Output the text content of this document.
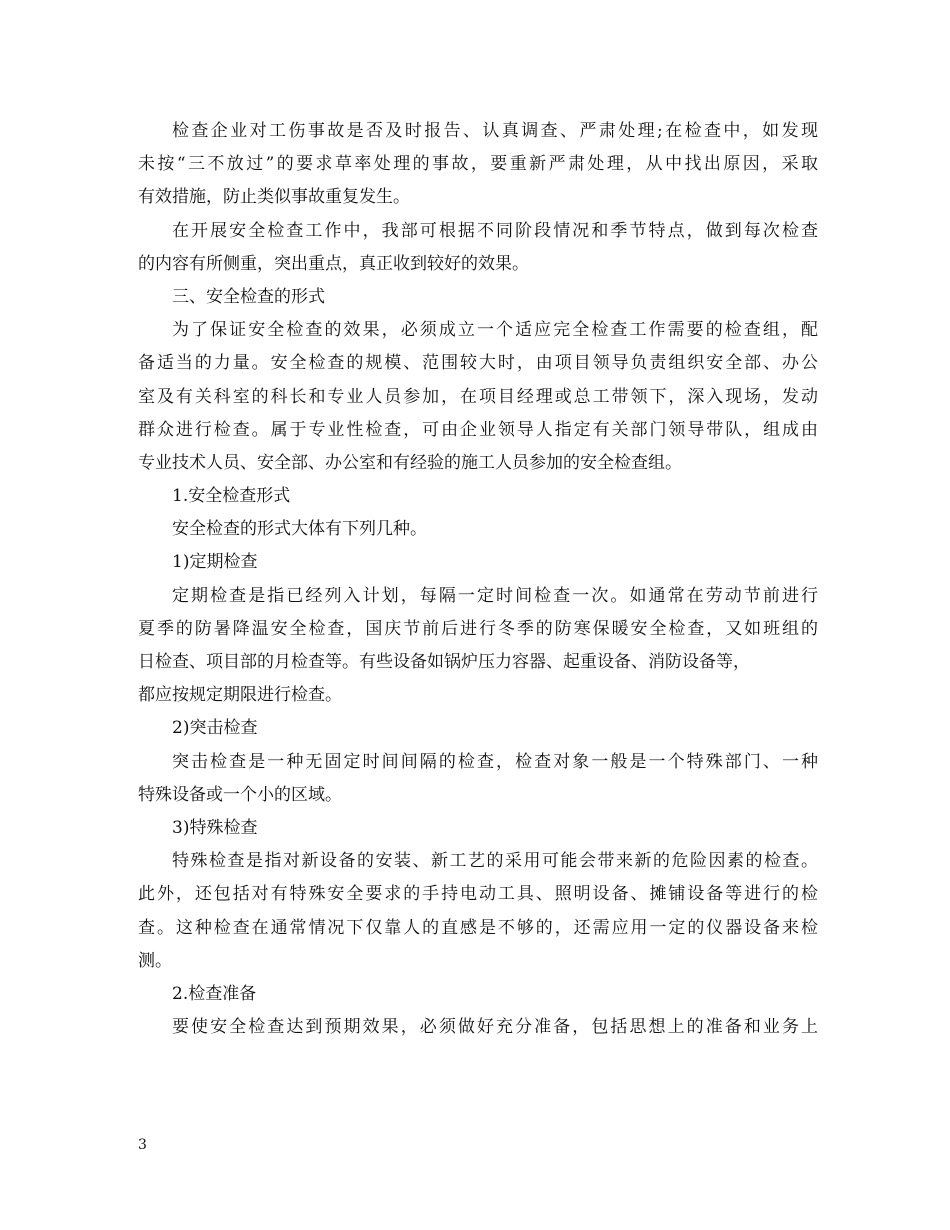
检查企业对工伤事故是否及时报告、认真调查、严肃处理;在检查中，如发现
未按“三不放过”的要求草率处理的事故，要重新严肃处理，从中找出原因，采取
有效措施，防止类似事故重复发生。
在开展安全检查工作中，我部可根据不同阶段情况和季节特点，做到每次检查
的内容有所侧重，突出重点，真正收到较好的效果。
三、安全检查的形式
为了保证安全检查的效果，必须成立一个适应完全检查工作需要的检查组，配
备适当的力量。安全检查的规模、范围较大时，由项目领导负责组织安全部、办公
室及有关科室的科长和专业人员参加，在项目经理或总工带领下，深入现场，发动
群众进行检查。属于专业性检查，可由企业领导人指定有关部门领导带队，组成由
专业技术人员、安全部、办公室和有经验的施工人员参加的安全检查组。
1.安全检查形式
安全检查的形式大体有下列几种。
1)定期检查
定期检查是指已经列入计划，每隔一定时间检查一次。如通常在劳动节前进行
夏季的防暑降温安全检查，国庆节前后进行冬季的防寒保暖安全检查，又如班组的
日检查、项目部的月检查等。有些设备如锅炉压力容器、起重设备、消防设备等，
都应按规定期限进行检查。
2)突击检查
突击检查是一种无固定时间间隔的检查，检查对象一般是一个特殊部门、一种
特殊设备或一个小的区域。
3)特殊检查
特殊检查是指对新设备的安装、新工艺的采用可能会带来新的危险因素的检查。
此外，还包括对有特殊安全要求的手持电动工具、照明设备、摊铺设备等进行的检
查。这种检查在通常情况下仅靠人的直感是不够的，还需应用一定的仪器设备来检
测。
2.检查准备
要使安全检查达到预期效果，必须做好充分准备，包括思想上的准备和业务上
3
